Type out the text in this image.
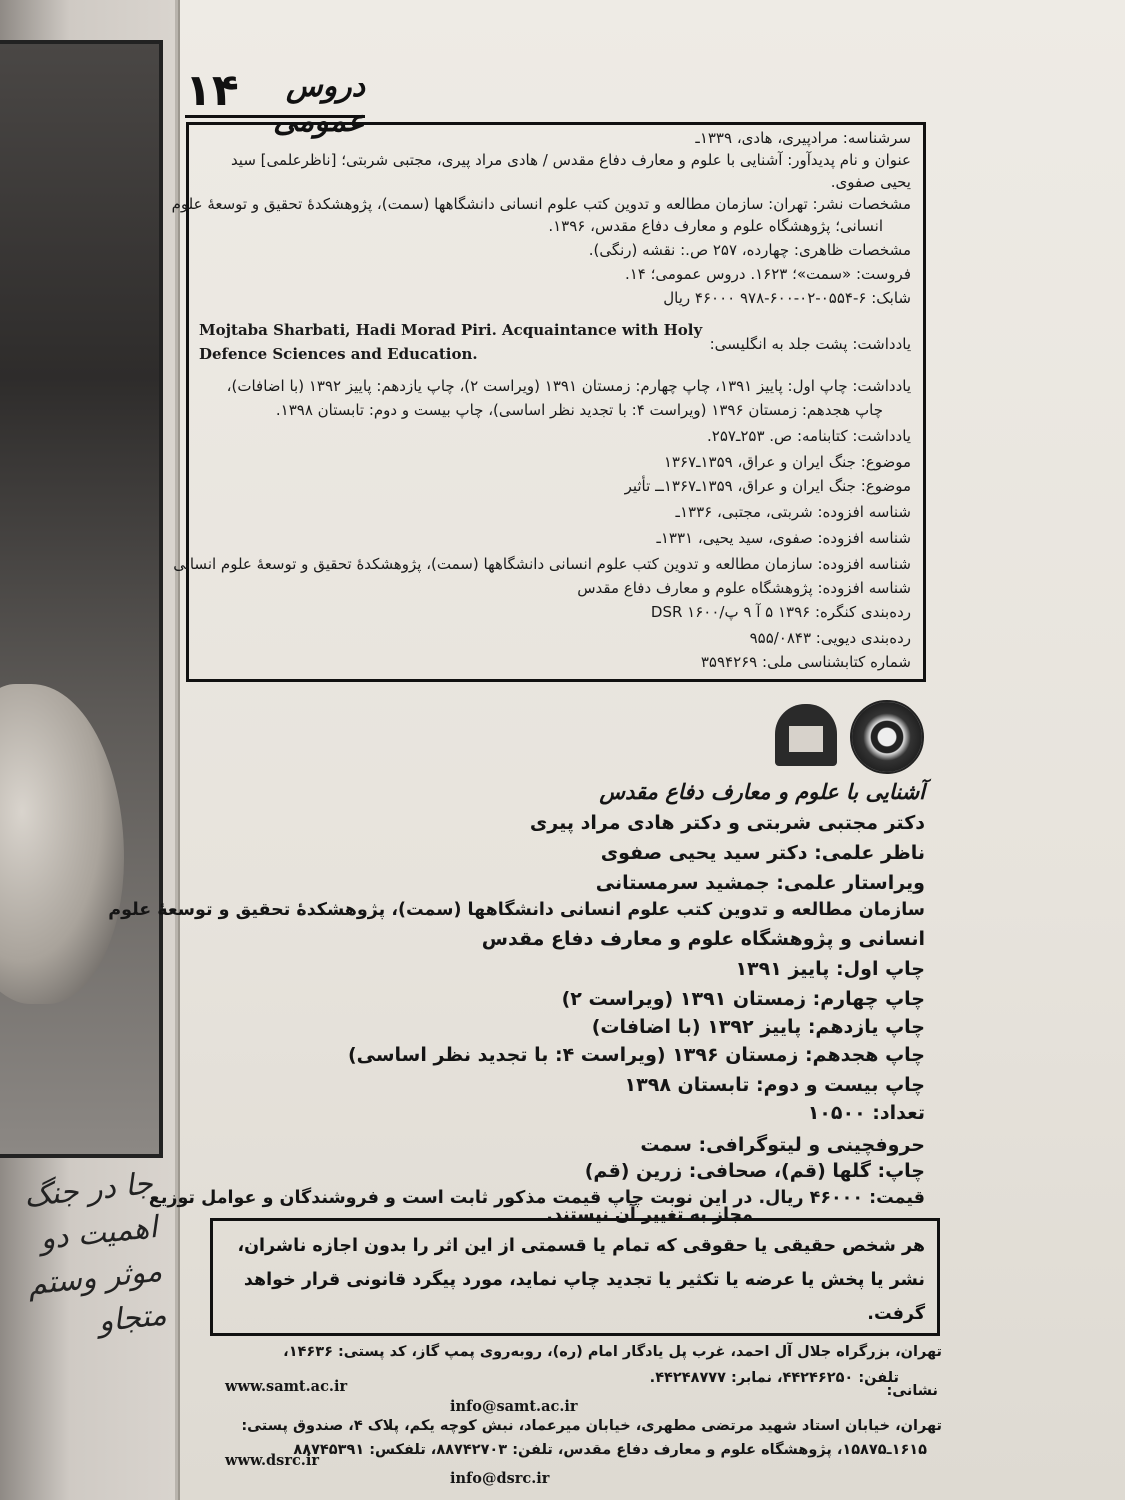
جا در جنگ اهمیت دو
موثر وستم متجاو
۱۴	دروس عمومی	سرشناسه: مرادپیری، هادی، ۱۳۳۹ـ
عنوان و نام پدیدآور: آشنایی با علوم و معارف دفاع مقدس / هادی مراد پیری، مجتبی شربتی؛ [ناظرعلمی] سید
یحیی صفوی.
مشخصات نشر: تهران: سازمان مطالعه و تدوین کتب علوم انسانی دانشگاهها (سمت)، پژوهشکدهٔ تحقیق و توسعهٔ علوم
انسانی؛ پژوهشگاه علوم و معارف دفاع مقدس، ۱۳۹۶.
مشخصات ظاهری: چهارده، ۲۵۷ ص.: نقشه (رنگی).
فروست: «سمت»؛ ۱۶۲۳. دروس عمومی؛ ۱۴.
شابک: ۶-۰۵۵۴-۰۲-۶۰۰-۹۷۸ ۴۶۰۰۰ ریال
Mojtaba Sharbati, Hadi Morad Piri. Acquaintance with Holy
یادداشت: پشت جلد به انگلیسی:
Defence Sciences and Education.
یادداشت: چاپ اول: پاییز ۱۳۹۱، چاپ چهارم: زمستان ۱۳۹۱ (ویراست ۲)، چاپ یازدهم: پاییز ۱۳۹۲ (با اضافات)،
چاپ هجدهم: زمستان ۱۳۹۶ (ویراست ۴: با تجدید نظر اساسی)، چاپ بیست و دوم: تابستان ۱۳۹۸.
یادداشت: کتابنامه: ص. ۲۵۳ـ۲۵۷.
موضوع: جنگ ایران و عراق، ۱۳۵۹ـ۱۳۶۷
موضوع: جنگ ایران و عراق، ۱۳۵۹ـ۱۳۶۷ــ تأثیر
شناسه افزوده: شربتی، مجتبی، ۱۳۳۶ـ
شناسه افزوده: صفوی، سید یحیی، ۱۳۳۱ـ
شناسه افزوده: سازمان مطالعه و تدوین کتب علوم انسانی دانشگاهها (سمت)، پژوهشکدهٔ تحقیق و توسعهٔ علوم انسانی
شناسه افزوده: پژوهشگاه علوم و معارف دفاع مقدس
رده‌بندی کنگره: ۱۳۹۶ ۵ آ ۹ پ/۱۶۰۰ DSR
رده‌بندی دیویی: ۹۵۵/۰۸۴۳
شماره کتابشناسی ملی: ۳۵۹۴۲۶۹
آشنایی با علوم و معارف دفاع مقدس
دکتر مجتبی شربتی و دکتر هادی مراد پیری
ناظر علمی: دکتر سید یحیی صفوی
ویراستار علمی: جمشید سرمستانی
سازمان مطالعه و تدوین کتب علوم انسانی دانشگاهها (سمت)، پژوهشکدهٔ تحقیق و توسعهٔ علوم
انسانی و پژوهشگاه علوم و معارف دفاع مقدس
چاپ اول: پاییز ۱۳۹۱
چاپ چهارم: زمستان ۱۳۹۱ (ویراست ۲)
چاپ یازدهم: پاییز ۱۳۹۲ (با اضافات)
چاپ هجدهم: زمستان ۱۳۹۶ (ویراست ۴: با تجدید نظر اساسی)
چاپ بیست و دوم: تابستان ۱۳۹۸
تعداد: ۱۰۵۰۰
حروفچینی و لیتوگرافی: سمت
چاپ: گلها (قم)، صحافی: زرین (قم)
قیمت: ۴۶۰۰۰ ریال. در این نوبت چاپ قیمت مذکور ثابت است و فروشندگان و عوامل توزیع
هر شخص حقیقی یا حقوقی که تمام یا قسمتی از این اثر را بدون اجازه ناشران، نشر یا پخش یا عرضه یا تکثیر یا تجدید چاپ نماید، مورد پیگرد قانونی قرار خواهد گرفت.
نشانی:
تهران، بزرگراه جلال آل احمد، غرب پل یادگار امام (ره)، روبه‌روی پمپ گاز، کد پستی: ۱۴۶۳۶،
تلفن: ۴۴۲۴۶۲۵۰، نمابر: ۴۴۲۴۸۷۷۷.
www.samt.ac.ir
info@samt.ac.ir
تهران، خیابان استاد شهید مرتضی مطهری، خیابان میرعماد، نبش کوچه یکم، پلاک ۴، صندوق پستی:
۱۶۱۵ـ۱۵۸۷۵، پژوهشگاه علوم و معارف دفاع مقدس، تلفن: ۸۸۷۴۲۷۰۳، تلفکس: ۸۸۷۴۵۳۹۱
www.dsrc.ir
info@dsrc.ir
مجاز به تغییر آن نیستند.
